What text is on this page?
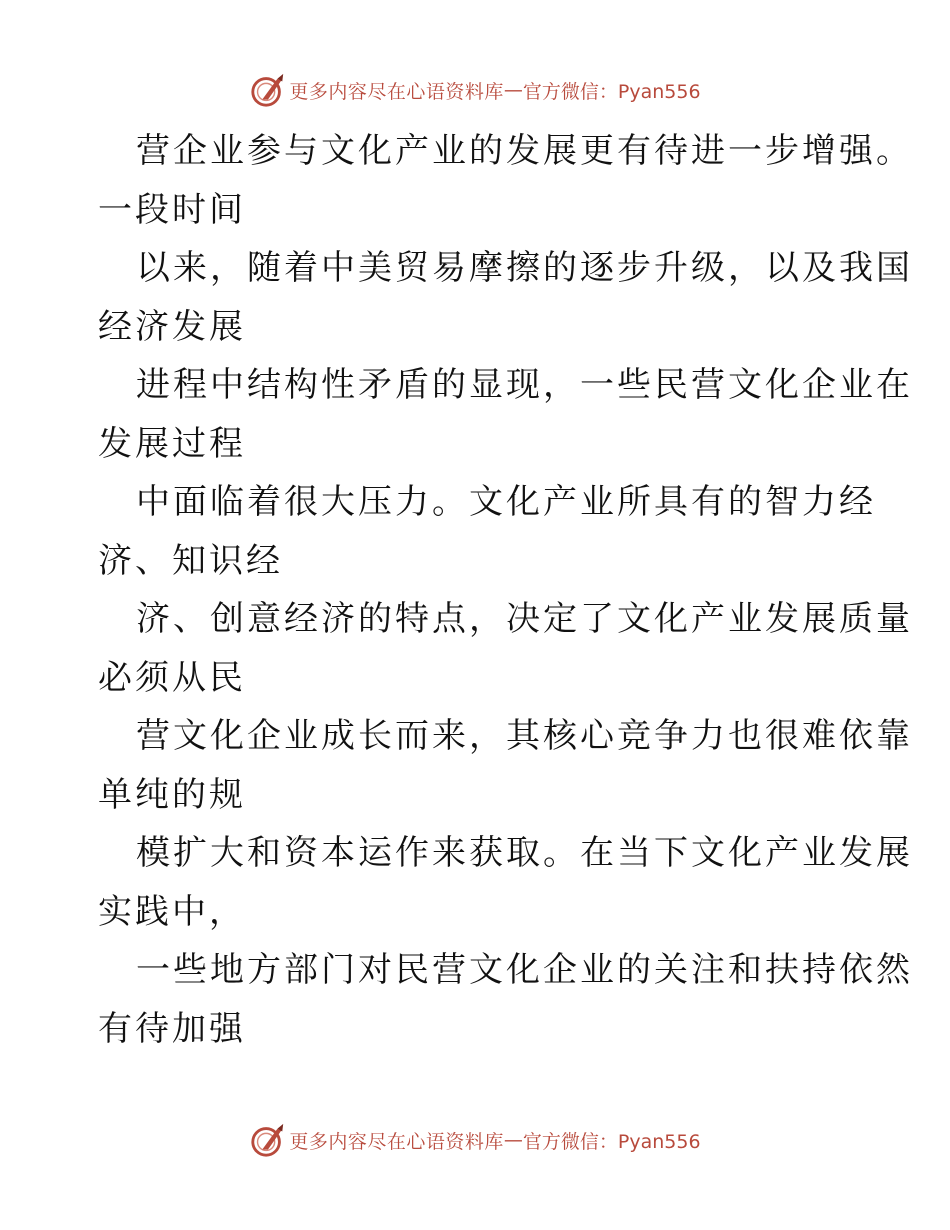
更多内容尽在心语资料库 — 官方微信：Pyan556
营企业参与文化产业的发展更有待进一步增强。
一段时间
以来，随着中美贸易摩擦的逐步升级，以及我国
经济发展
进程中结构性矛盾的显现，一些民营文化企业在
发展过程
中面临着很大压力。文化产业所具有的智力经
济、知识经
济、创意经济的特点，决定了文化产业发展质量
必须从民
营文化企业成长而来，其核心竞争力也很难依靠
单纯的规
模扩大和资本运作来获取。在当下文化产业发展
实践中，
一些地方部门对民营文化企业的关注和扶持依然
有待加强
更多内容尽在心语资料库 — 官方微信：Pyan556
